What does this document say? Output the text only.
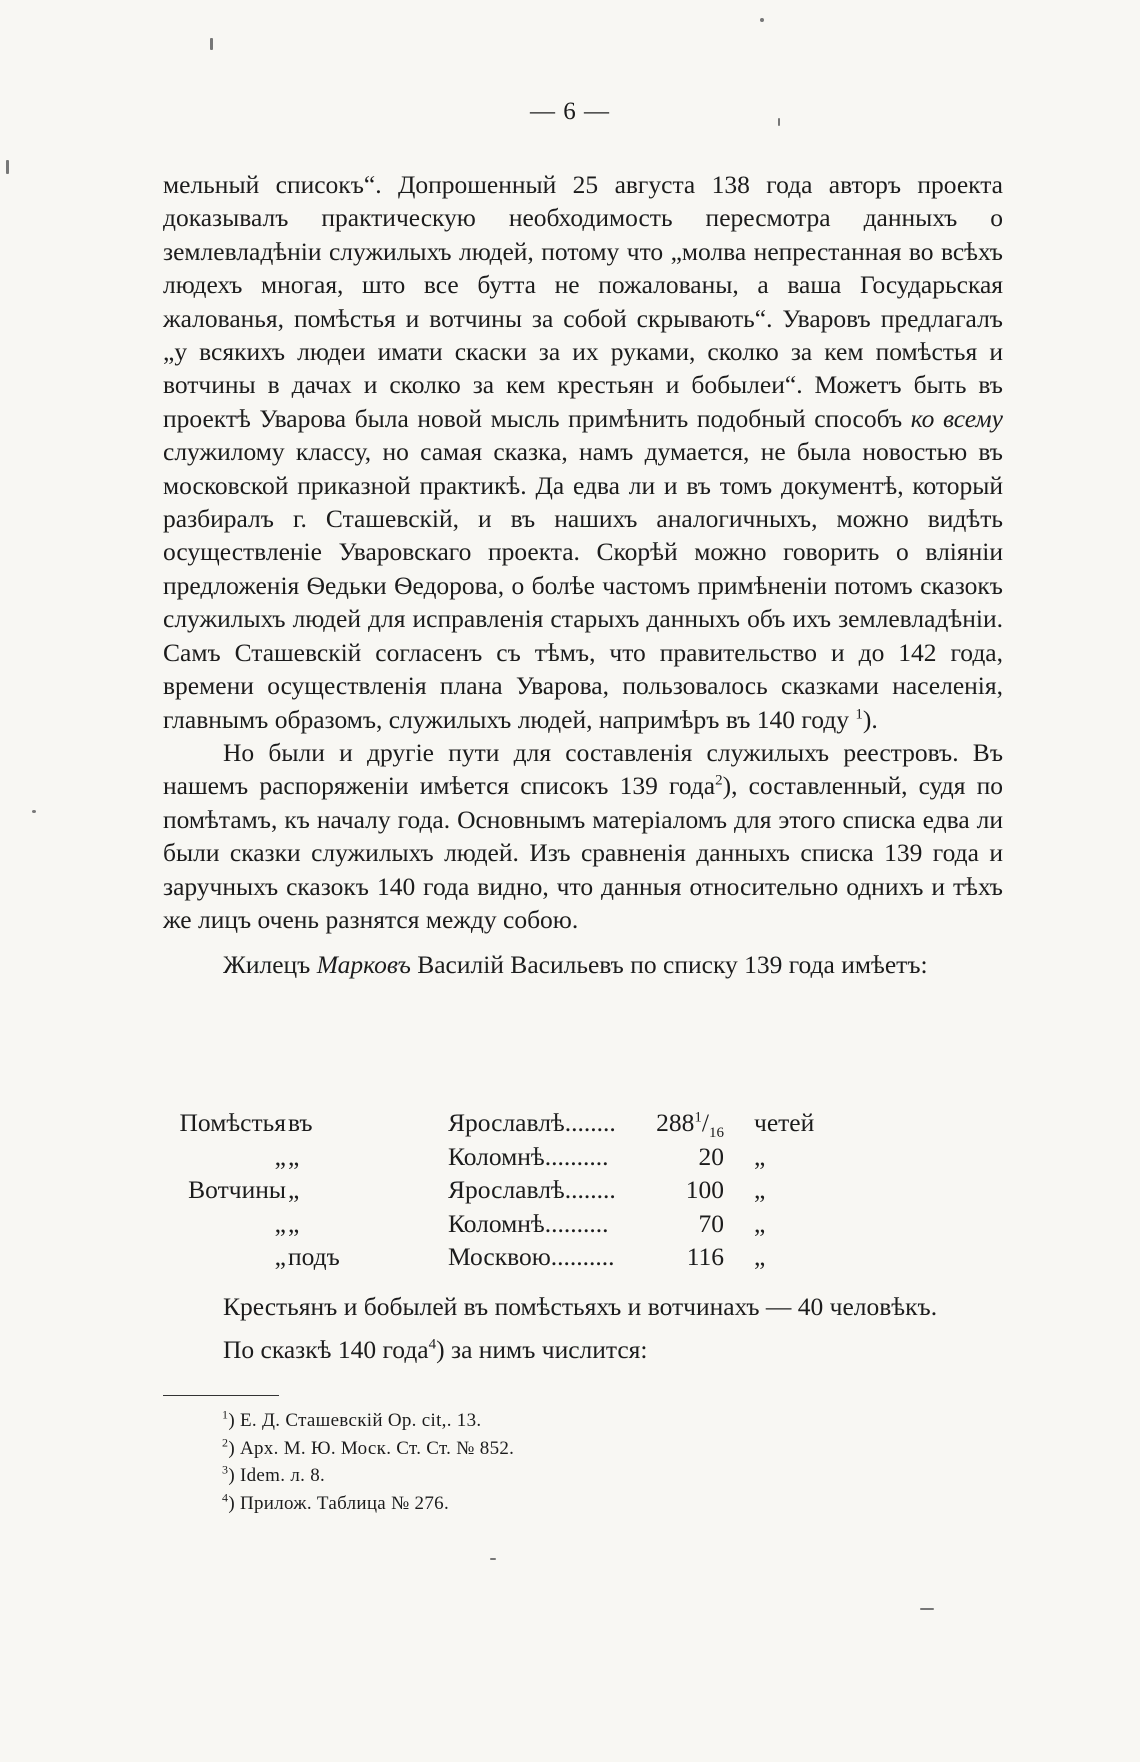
— 6 —

мельный списокъ“. Допрошенный 25 августа 138 года авторъ проекта доказывалъ практическую необходимость пересмотра данныхъ о землевладѣніи служилыхъ людей, потому что „молва непрестанная во всѣхъ людехъ многая, што все бутта не пожалованы, а ваша Государьская жалованья, помѣстья и вотчины за собой скрывають“. Уваровъ предлагалъ „у всякихъ людеи имати скаски за их руками, сколко за кем помѣстья и вотчины в дачах и сколко за кем крестьян и бобылеи“. Можетъ быть въ проектѣ Уварова была новой мысль примѣнить подобный способъ ко всему служилому классу, но самая сказка, намъ думается, не была новостью въ московской приказной практикѣ. Да едва ли и въ томъ документѣ, который разбиралъ г. Сташевскій, и въ нашихъ аналогичныхъ, можно видѣть осуществленіе Уваровскаго проекта. Скорѣй можно говорить о вліяніи предложенія Ѳедьки Ѳедорова, о болѣе частомъ примѣненіи потомъ сказокъ служилыхъ людей для исправленія старыхъ данныхъ объ ихъ землевладѣніи. Самъ Сташевскій согласенъ съ тѣмъ, что правительство и до 142 года, времени осуществленія плана Уварова, пользовалось сказками населенія, главнымъ образомъ, служилыхъ людей, напримѣръ въ 140 году $^1$).

Но были и другіе пути для составленія служилыхъ реестровъ. Въ нашемъ распоряженіи имѣется списокъ 139 года$^2$), составленный, судя по помѣтамъ, къ началу года. Основнымъ матеріаломъ для этого списка едва ли были сказки служилыхъ людей. Изъ сравненія данныхъ списка 139 года и заручныхъ сказокъ 140 года видно, что данныя относительно однихъ и тѣхъ же лицъ очень разнятся между собою.

Жилецъ Марковъ Василій Васильевъ по списку 139 года имѣетъ:

Помѣстья въ	Ярославлѣ........	$288^1/_{16}$	четей
„ „	Коломнѣ..........	20	„
Вотчины „	Ярославлѣ........	100	„
„ „	Коломнѣ..........	70	„
„ подъ	Москвою..........	116	„

Крестьянъ и бобылей въ помѣстьяхъ и вотчинахъ — 40 человѣкъ.

По сказкѣ 140 года$^4$) за нимъ числится:

$^1$) Е. Д. Сташевскій Op. cit,. 13.
$^2$) Арх. М. Ю. Моск. Ст. Ст. № 852.
$^3$) Idem. л. 8.
$^4$) Прилож. Таблица № 276.
